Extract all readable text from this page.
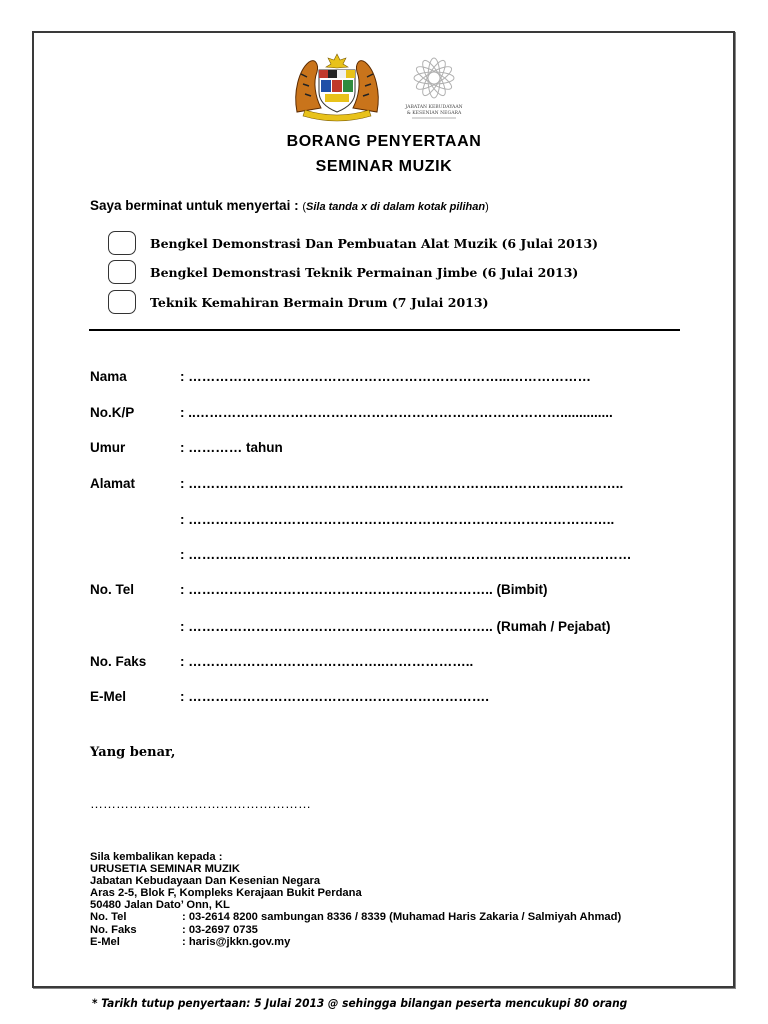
JABATAN KEBUDAYAAN
& KESENIAN NEGARA
BORANG PENYERTAAN
SEMINAR MUZIK
Saya berminat untuk menyertai : (Sila tanda x di dalam kotak pilihan)
Bengkel Demonstrasi Dan Pembuatan Alat Muzik (6 Julai 2013)
Bengkel Demonstrasi Teknik Permainan Jimbe (6 Julai 2013)
Teknik Kemahiran Bermain Drum (7 Julai 2013)
Nama	: ……………………………………………………………...………………
No.K/P	: ..………………………………………………………………………..............
Umur	: ………… tahun
Alamat	: ……………………………………..……………………..…………..…………..
: …………………………………………………………………………………..
: ……….………………………………………………………………..……………
No. Tel	: ………………………………………………………….. (Bimbit)
: ………………………………………………………….. (Rumah / Pejabat)
No. Faks : ……………………………………..………………..
E-Mel	: ………………………………………………………….
Yang benar,
……………………………………………
Sila kembalikan kepada :
URUSETIA SEMINAR MUZIK
Jabatan Kebudayaan Dan Kesenian Negara
Aras 2-5, Blok F, Kompleks Kerajaan Bukit Perdana
50480 Jalan Dato’ Onn, KL
No. Tel	: 03-2614 8200 sambungan 8336 / 8339 (Muhamad Haris Zakaria / Salmiyah Ahmad)
No. Faks	: 03-2697 0735
E-Mel	: haris@jkkn.gov.my
* Tarikh tutup penyertaan: 5 Julai 2013 @ sehingga bilangan peserta mencukupi 80 orang
